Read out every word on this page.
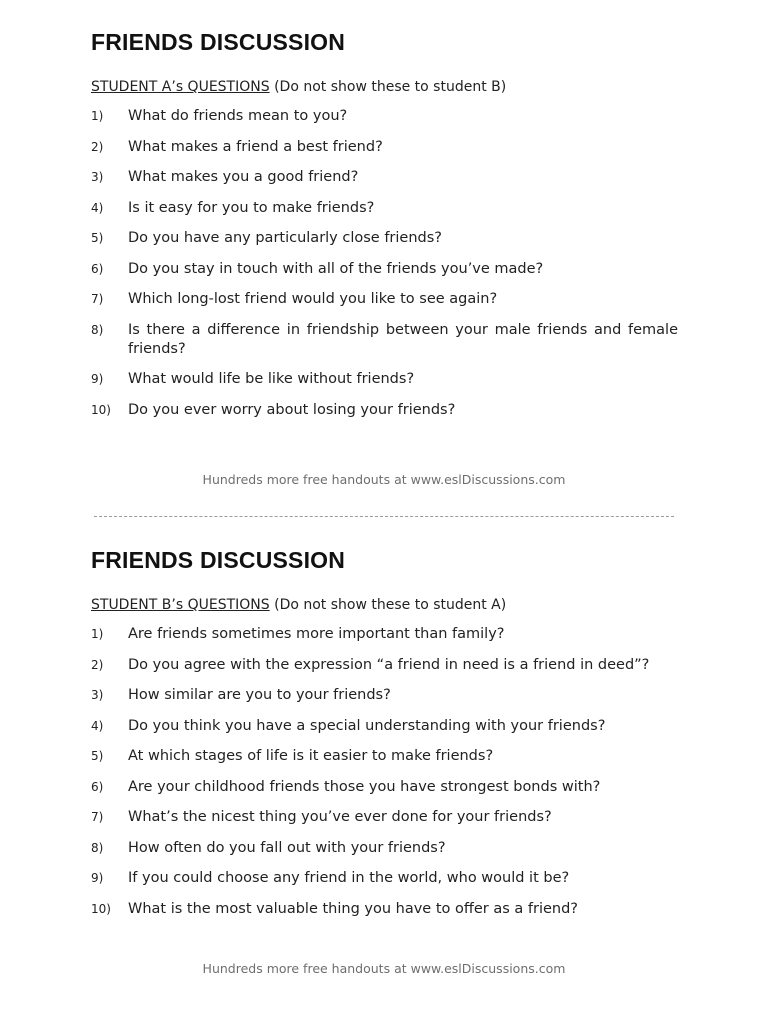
FRIENDS DISCUSSION
STUDENT A’s QUESTIONS (Do not show these to student B)
1)	What do friends mean to you?
2)	What makes a friend a best friend?
3)	What makes you a good friend?
4)	Is it easy for you to make friends?
5)	Do you have any particularly close friends?
6)	Do you stay in touch with all of the friends you’ve made?
7)	Which long-lost friend would you like to see again?
8)	Is there a difference in friendship between your male friends and female friends?
9)	What would life be like without friends?
10)	Do you ever worry about losing your friends?
Hundreds more free handouts at www.eslDiscussions.com
FRIENDS DISCUSSION
STUDENT B’s QUESTIONS (Do not show these to student A)
1)	Are friends sometimes more important than family?
2)	Do you agree with the expression “a friend in need is a friend in deed”?
3)	How similar are you to your friends?
4)	Do you think you have a special understanding with your friends?
5)	At which stages of life is it easier to make friends?
6)	Are your childhood friends those you have strongest bonds with?
7)	What’s the nicest thing you’ve ever done for your friends?
8)	How often do you fall out with your friends?
9)	If you could choose any friend in the world, who would it be?
10)	What is the most valuable thing you have to offer as a friend?
Hundreds more free handouts at www.eslDiscussions.com
